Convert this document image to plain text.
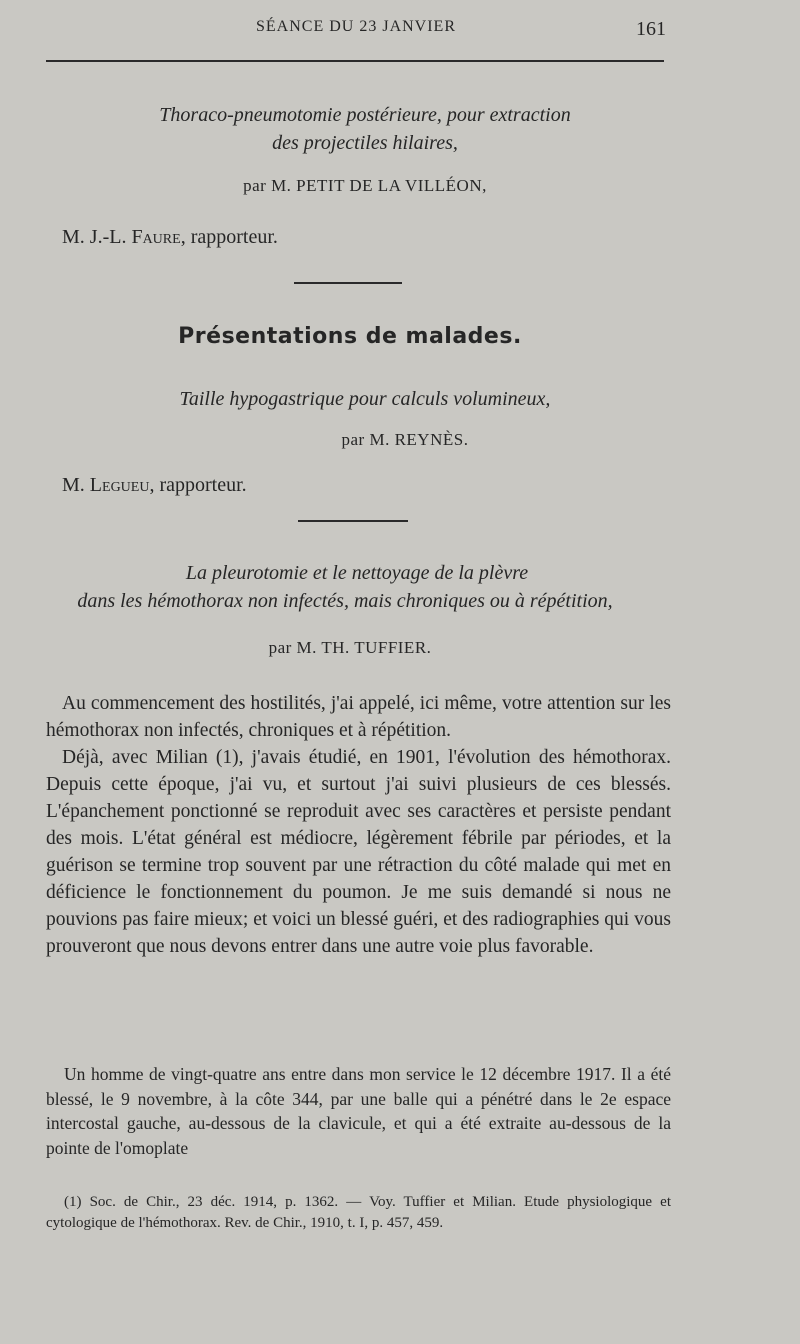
SÉANCE DU 23 JANVIER	161
Thoraco-pneumotomie postérieure, pour extraction
des projectiles hilaires,
par M. PETIT DE LA VILLÉON,
M. J.-L. Faure, rapporteur.
Présentations de malades.
Taille hypogastrique pour calculs volumineux,
par M. REYNÈS.
M. Legueu, rapporteur.
La pleurotomie et le nettoyage de la plèvre
dans les hémothorax non infectés, mais chroniques ou à répétition,
par M. TH. TUFFIER.

Au commencement des hostilités, j'ai appelé, ici même, votre attention sur les hémothorax non infectés, chroniques et à répétition.

Déjà, avec Milian (1), j'avais étudié, en 1901, l'évolution des hémothorax. Depuis cette époque, j'ai vu, et surtout j'ai suivi plusieurs de ces blessés. L'épanchement ponctionné se reproduit avec ses caractères et persiste pendant des mois. L'état général est médiocre, légèrement fébrile par périodes, et la guérison se termine trop souvent par une rétraction du côté malade qui met en déficience le fonctionnement du poumon. Je me suis demandé si nous ne pouvions pas faire mieux; et voici un blessé guéri, et des radiographies qui vous prouveront que nous devons entrer dans une autre voie plus favorable.

Un homme de vingt-quatre ans entre dans mon service le 12 décembre 1917. Il a été blessé, le 9 novembre, à la côte 344, par une balle qui a pénétré dans le 2e espace intercostal gauche, au-dessous de la clavicule, et qui a été extraite au-dessous de la pointe de l'omoplate

(1) Soc. de Chir., 23 déc. 1914, p. 1362. — Voy. Tuffier et Milian. Etude physiologique et cytologique de l'hémothorax. Rev. de Chir., 1910, t. I, p. 457, 459.
